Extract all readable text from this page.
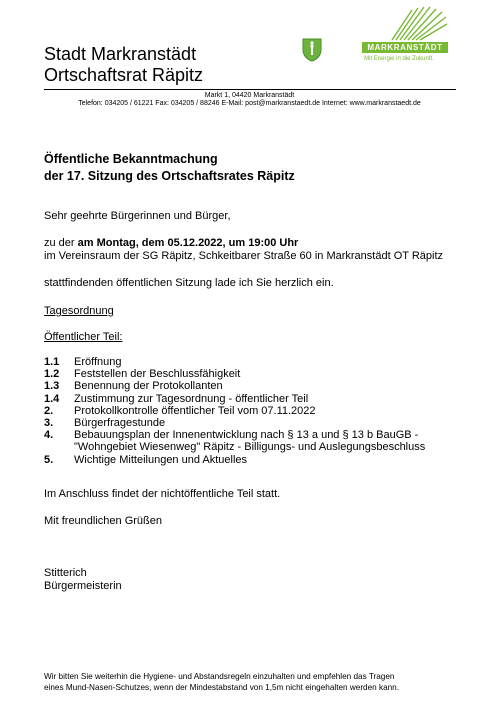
Stadt Markranstädt
Ortschaftsrat Räpitz
MARKRANSTÄDT
Mit Energie in die Zukunft.
Markt 1, 04420 Markranstädt
Telefon: 034205 / 61221 Fax: 034205 / 88246 E-Mail: post@markranstaedt.de Internet: www.markranstaedt.de
Öffentliche Bekanntmachung
der 17. Sitzung des Ortschaftsrates Räpitz
Sehr geehrte Bürgerinnen und Bürger,
zu der am Montag, dem 05.12.2022, um 19:00 Uhr
im Vereinsraum der SG Räpitz, Schkeitbarer Straße 60 in Markranstädt OT Räpitz
stattfindenden öffentlichen Sitzung lade ich Sie herzlich ein.
Tagesordnung
Öffentlicher Teil:
1.1	Eröffnung
1.2	Feststellen der Beschlussfähigkeit
1.3	Benennung der Protokollanten
1.4	Zustimmung zur Tagesordnung - öffentlicher Teil
2.	Protokollkontrolle öffentlicher Teil vom 07.11.2022
3.	Bürgerfragestunde
4.	Bebauungsplan der Innenentwicklung nach § 13 a und § 13 b BauGB -
"Wohngebiet Wiesenweg" Räpitz - Billigungs- und Auslegungsbeschluss
5.	Wichtige Mitteilungen und Aktuelles
Im Anschluss findet der nichtöffentliche Teil statt.
Mit freundlichen Grüßen
Stitterich
Bürgermeisterin
Wir bitten Sie weiterhin die Hygiene- und Abstandsregeln einzuhalten und empfehlen das Tragen
eines Mund-Nasen-Schutzes, wenn der Mindestabstand von 1,5m nicht eingehalten werden kann.
